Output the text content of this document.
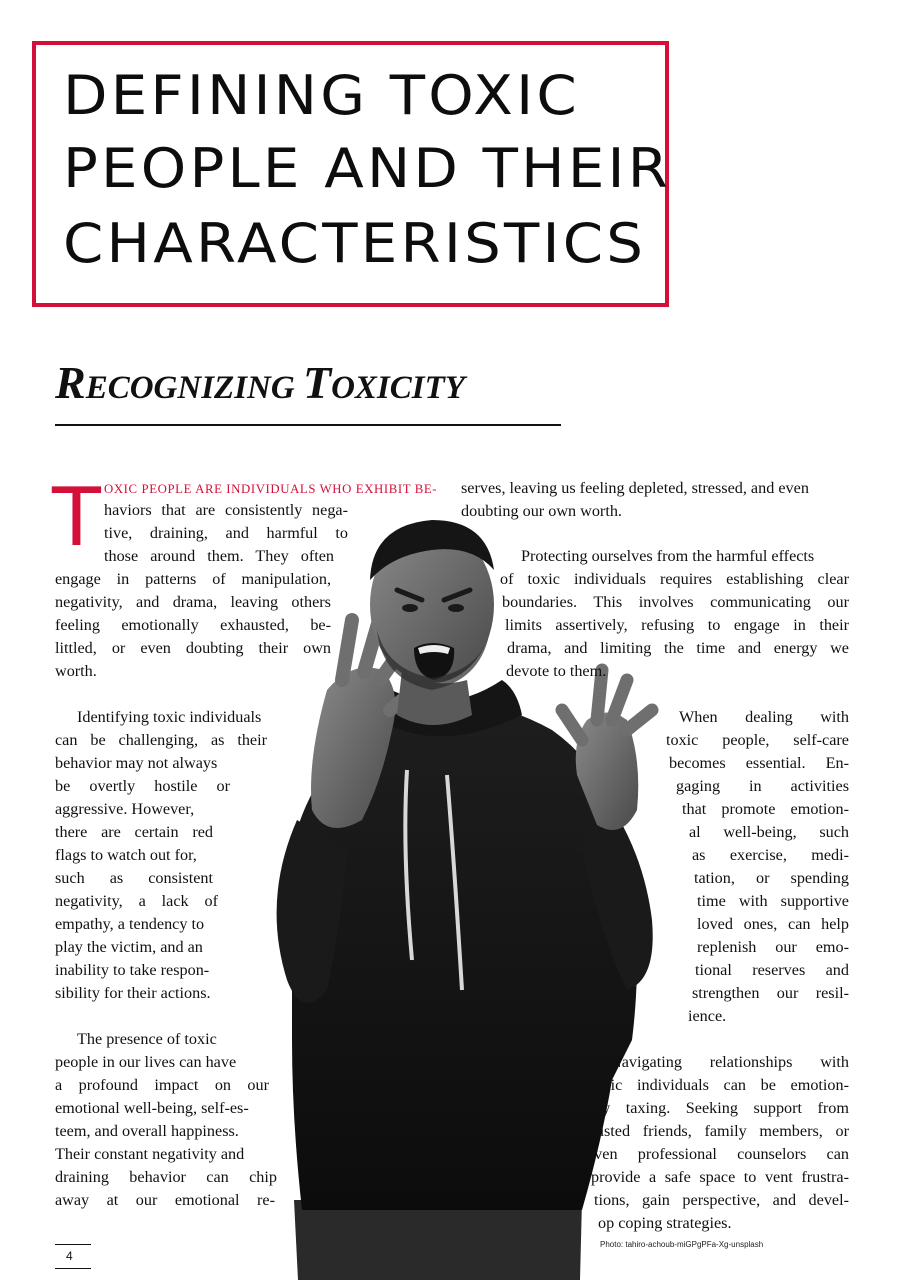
DEFINING TOXIC
PEOPLE AND THEIR
CHARACTERISTICS
RECOGNIZING TOXICITY
T OXIC PEOPLE ARE INDIVIDUALS WHO EXHIBIT BE-
haviors that are consistently nega-
tive, draining, and harmful to
those around them. They often
engage in patterns of manipulation,
negativity, and drama, leaving others
feeling emotionally exhausted, be-
littled, or even doubting their own
worth.
Identifying toxic individuals
can be challenging, as their
behavior may not always
be overtly hostile or
aggressive. However,
there are certain red
flags to watch out for,
such as consistent
negativity, a lack of
empathy, a tendency to
play the victim, and an
inability to take respon-
sibility for their actions.
The presence of toxic
people in our lives can have
a profound impact on our
emotional well-being, self-es-
teem, and overall happiness.
Their constant negativity and
draining behavior can chip
away at our emotional re-
serves, leaving us feeling depleted, stressed, and even
doubting our own worth.
Protecting ourselves from the harmful effects
of toxic individuals requires establishing clear
boundaries. This involves communicating our
limits assertively, refusing to engage in their
drama, and limiting the time and energy we
devote to them.
When dealing with
toxic people, self-care
becomes essential. En-
gaging in activities
that promote emotion-
al well-being, such
as exercise, medi-
tation, or spending
time with supportive
loved ones, can help
replenish our emo-
tional reserves and
strengthen our resil-
ience.
Navigating relationships with
toxic individuals can be emotion-
ally taxing. Seeking support from
trusted friends, family members, or
even professional counselors can
provide a safe space to vent frustra-
tions, gain perspective, and devel-
op coping strategies.
Photo: tahiro-achoub-miGPgPFa-Xg-unsplash
4
